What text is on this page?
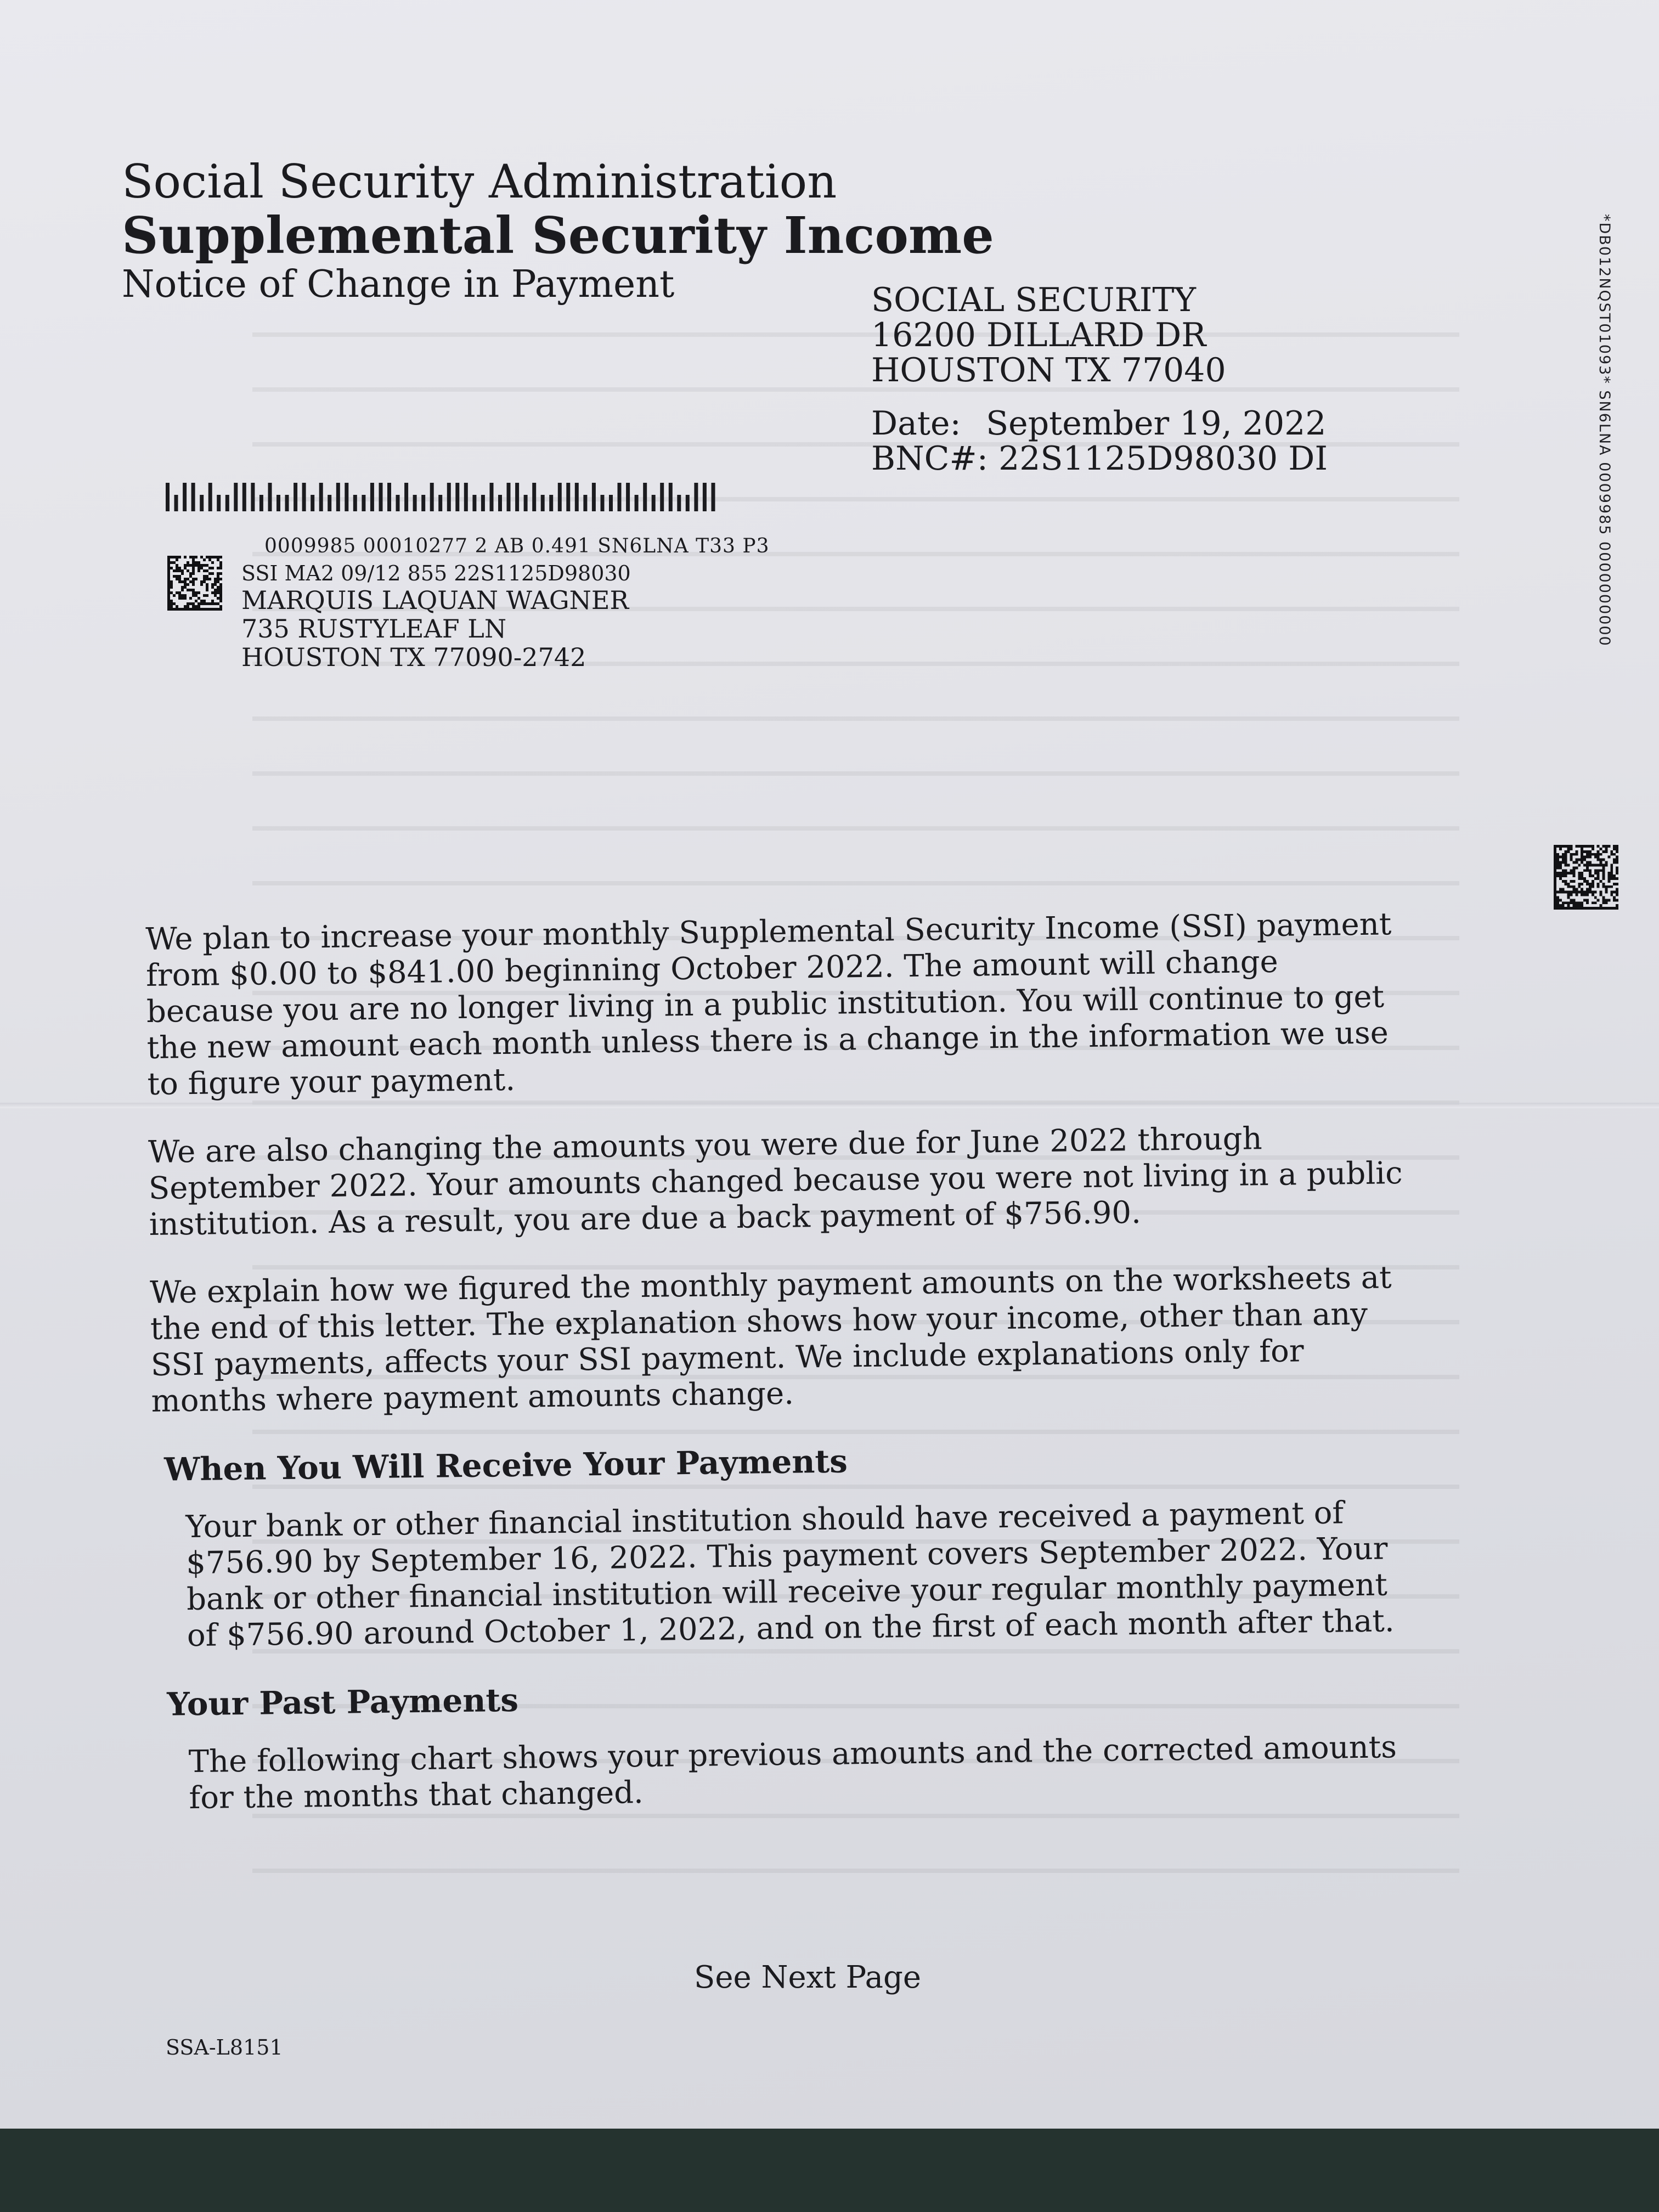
Social Security Administration
Supplemental Security Income
Notice of Change in Payment	SOCIAL SECURITY
16200 DILLARD DR
HOUSTON TX 77040
Date: September 19, 2022
BNC#: 22S1125D98030 DI
0009985 00010277 2 AB 0.491 SN6LNA T33 P3
SSI MA2 09/12 855 22S1125D98030
MARQUIS LAQUAN WAGNER
735 RUSTYLEAF LN
HOUSTON TX 77090-2742
*DB012NQST01093* SN6LNA 0009985 0000000000

We plan to increase your monthly Supplemental Security Income (SSI) payment from $0.00 to $841.00 beginning October 2022. The amount will change because you are no longer living in a public institution. You will continue to get the new amount each month unless there is a change in the information we use to figure your payment.

We are also changing the amounts you were due for June 2022 through September 2022. Your amounts changed because you were not living in a public institution. As a result, you are due a back payment of $756.90.

We explain how we figured the monthly payment amounts on the worksheets at the end of this letter. The explanation shows how your income, other than any SSI payments, affects your SSI payment. We include explanations only for months where payment amounts change.

When You Will Receive Your Payments

Your bank or other financial institution should have received a payment of $756.90 by September 16, 2022. This payment covers September 2022. Your bank or other financial institution will receive your regular monthly payment of $756.90 around October 1, 2022, and on the first of each month after that.

Your Past Payments

The following chart shows your previous amounts and the corrected amounts for the months that changed.

See Next Page
SSA-L8151
